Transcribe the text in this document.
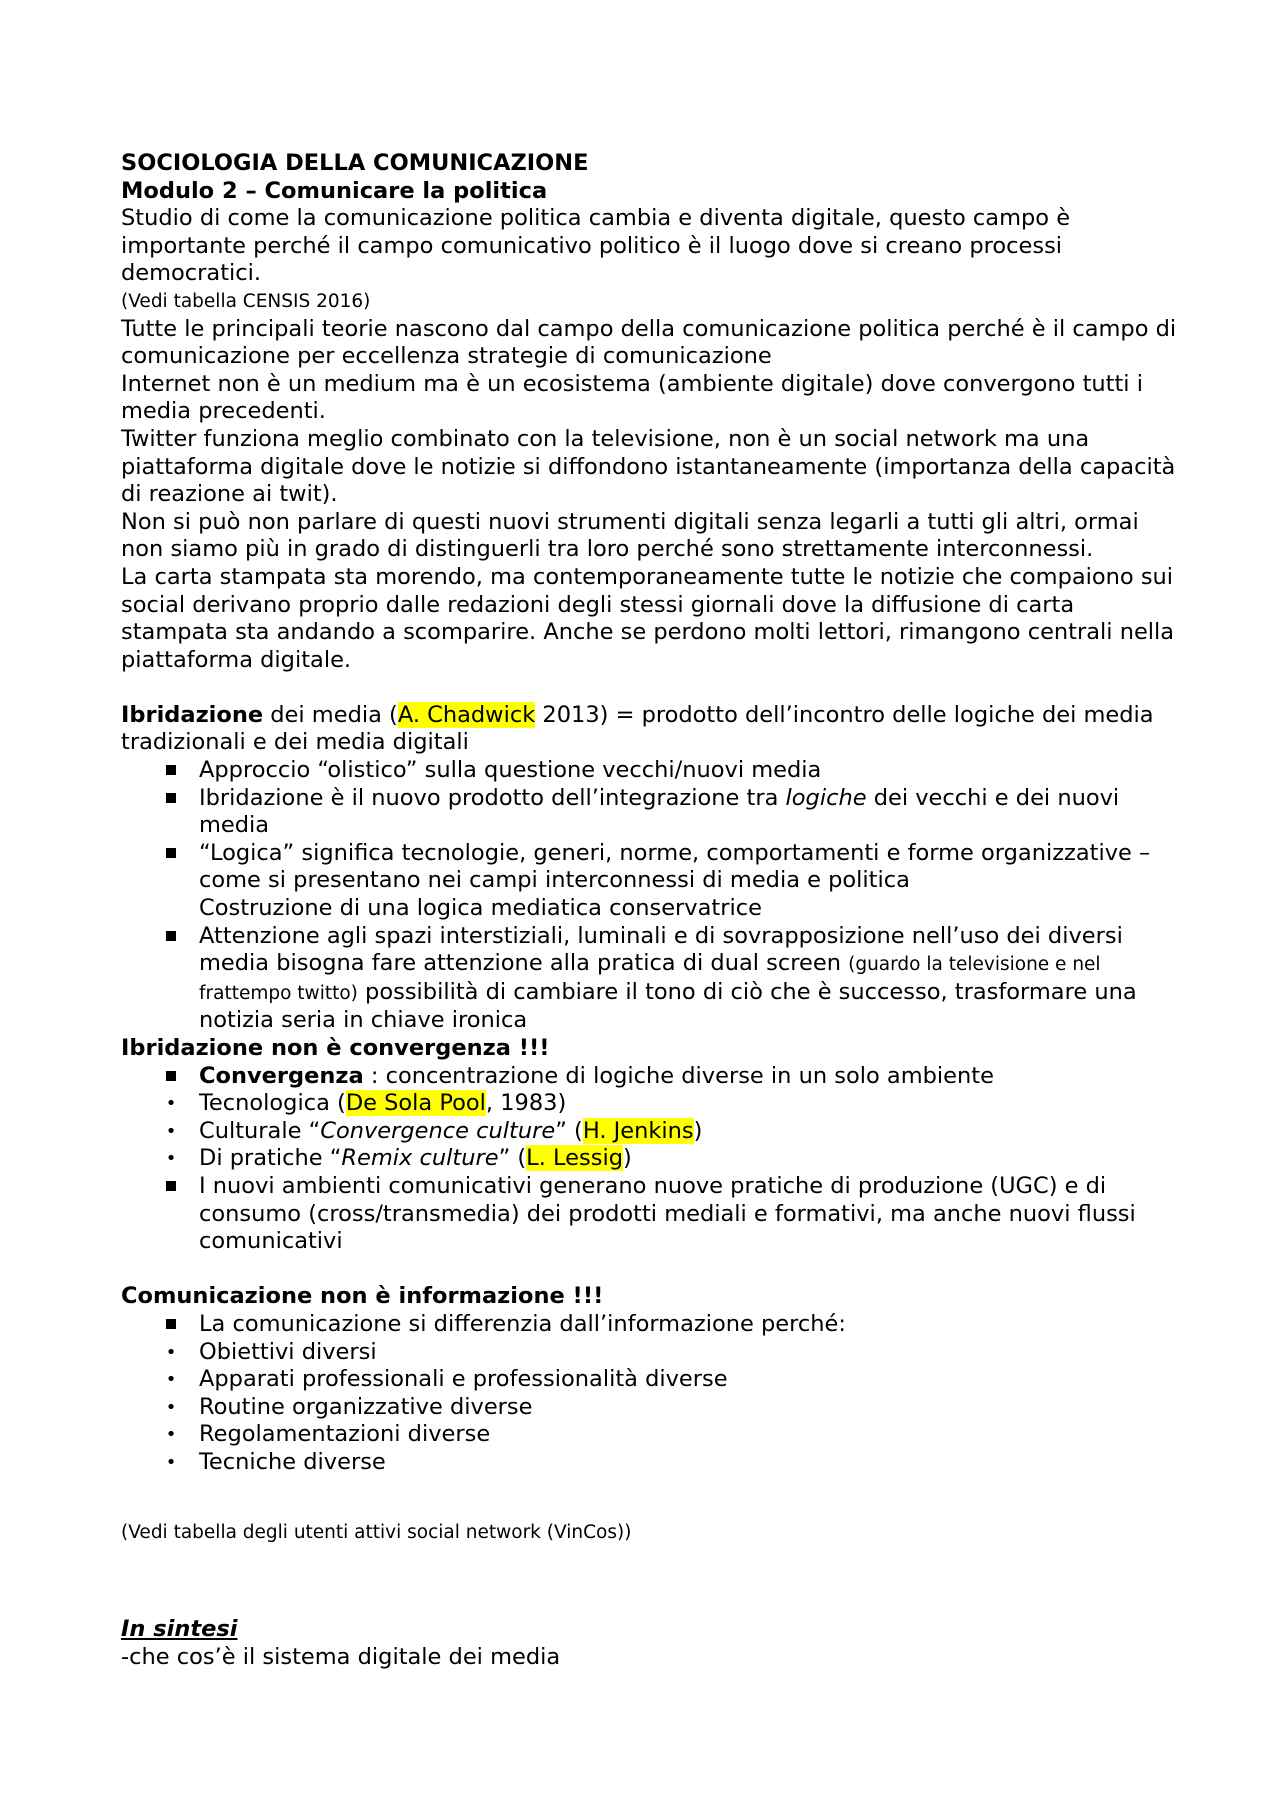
SOCIOLOGIA DELLA COMUNICAZIONE

Modulo 2 – Comunicare la politica

Studio di come la comunicazione politica cambia e diventa digitale, questo campo è importante perché il campo comunicativo politico è il luogo dove si creano processi democratici.

(Vedi tabella CENSIS 2016)

Tutte le principali teorie nascono dal campo della comunicazione politica perché è il campo di comunicazione per eccellenza strategie di comunicazione

Internet non è un medium ma è un ecosistema (ambiente digitale) dove convergono tutti i media precedenti.

Twitter funziona meglio combinato con la televisione, non è un social network ma una piattaforma digitale dove le notizie si diffondono istantaneamente (importanza della capacità di reazione ai twit).

Non si può non parlare di questi nuovi strumenti digitali senza legarli a tutti gli altri, ormai non siamo più in grado di distinguerli tra loro perché sono strettamente interconnessi.

La carta stampata sta morendo, ma contemporaneamente tutte le notizie che compaiono sui social derivano proprio dalle redazioni degli stessi giornali dove la diffusione di carta stampata sta andando a scomparire. Anche se perdono molti lettori, rimangono centrali nella piattaforma digitale.

Ibridazione dei media (A. Chadwick 2013) = prodotto dell’incontro delle logiche dei media tradizionali e dei media digitali

Approccio “olistico” sulla questione vecchi/nuovi media
Ibridazione è il nuovo prodotto dell’integrazione tra logiche dei vecchi e dei nuovi media
“Logica” significa tecnologie, generi, norme, comportamenti e forme organizzative – come si presentano nei campi interconnessi di media e politica
Costruzione di una logica mediatica conservatrice
Attenzione agli spazi interstiziali, luminali e di sovrapposizione nell’uso dei diversi media bisogna fare attenzione alla pratica di dual screen (guardo la televisione e nel frattempo twitto) possibilità di cambiare il tono di ciò che è successo, trasformare una notizia seria in chiave ironica

Ibridazione non è convergenza !!!

Convergenza : concentrazione di logiche diverse in un solo ambiente
• Tecnologica (De Sola Pool, 1983)
• Culturale “Convergence culture” (H. Jenkins)
• Di pratiche “Remix culture” (L. Lessig)
I nuovi ambienti comunicativi generano nuove pratiche di produzione (UGC) e di consumo (cross/transmedia) dei prodotti mediali e formativi, ma anche nuovi flussi comunicativi

Comunicazione non è informazione !!!

La comunicazione si differenzia dall’informazione perché:
• Obiettivi diversi
• Apparati professionali e professionalità diverse
• Routine organizzative diverse
• Regolamentazioni diverse
• Tecniche diverse

(Vedi tabella degli utenti attivi social network (VinCos))

In sintesi

-che cos’è il sistema digitale dei media
